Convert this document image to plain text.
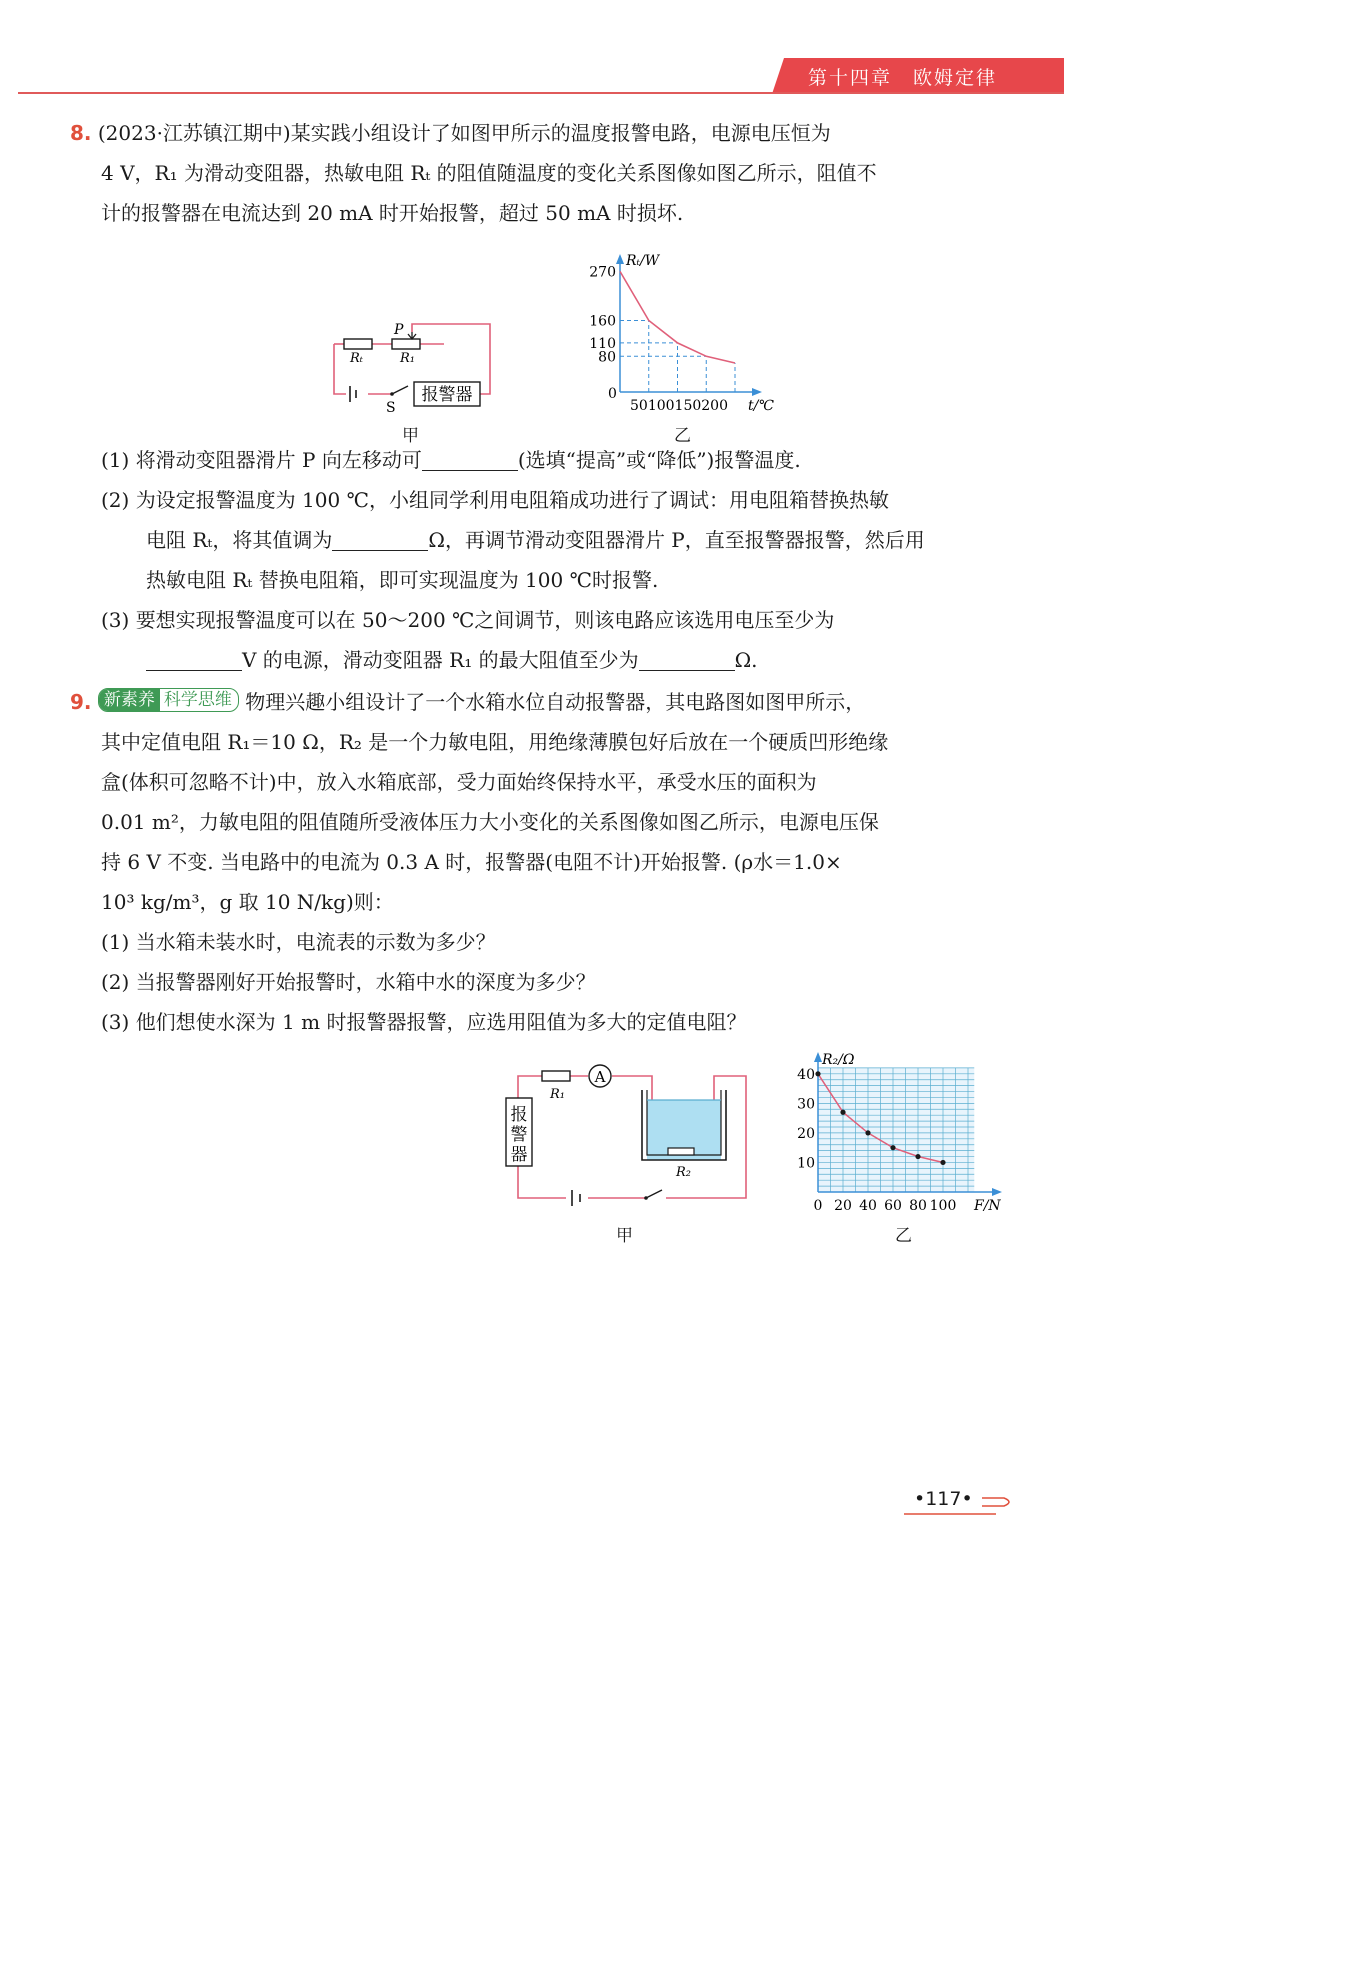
第十四章　欧姆定律
8. (2023·江苏镇江期中)某实践小组设计了如图甲所示的温度报警电路，电源电压恒为
4 V，R₁ 为滑动变阻器，热敏电阻 Rₜ 的阻值随温度的变化关系图像如图乙所示，阻值不
计的报警器在电流达到 20 mA 时开始报警，超过 50 mA 时损坏.
报警器
Rₜ	R₁
P
S
甲
80
110
160
270
Rₜ/W
t/℃
0
50100150200
乙
(1) 将滑动变阻器滑片 P 向左移动可	(选填“提高”或“降低”)报警温度.
(2) 为设定报警温度为 100 ℃，小组同学利用电阻箱成功进行了调试：用电阻箱替换热敏
电阻 Rₜ，将其值调为	Ω，再调节滑动变阻器滑片 P，直至报警器报警，然后用
热敏电阻 Rₜ 替换电阻箱，即可实现温度为 100 ℃时报警.
(3) 要想实现报警温度可以在 50～200 ℃之间调节，则该电路应该选用电压至少为
V 的电源，滑动变阻器 R₁ 的最大阻值至少为	Ω.
9. 新素养 科学思维 物理兴趣小组设计了一个水箱水位自动报警器，其电路图如图甲所示，
其中定值电阻 R₁＝10 Ω，R₂ 是一个力敏电阻，用绝缘薄膜包好后放在一个硬质凹形绝缘
盒(体积可忽略不计)中，放入水箱底部，受力面始终保持水平，承受水压的面积为
0.01 m²，力敏电阻的阻值随所受液体压力大小变化的关系图像如图乙所示，电源电压保
持 6 V 不变. 当电路中的电流为 0.3 A 时，报警器(电阻不计)开始报警. (ρ水＝1.0×
10³ kg/m³，g 取 10 N/kg)则：
(1) 当水箱未装水时，电流表的示数为多少？
(2) 当报警器刚好开始报警时，水箱中水的深度为多少？
(3) 他们想使水深为 1 m 时报警器报警，应选用阻值为多大的定值电阻？
A
R₁
报
警
器
R₂
甲
0 20 40 60 80 100
10
20
30
40
R₂/Ω
F/N
乙
•117•
